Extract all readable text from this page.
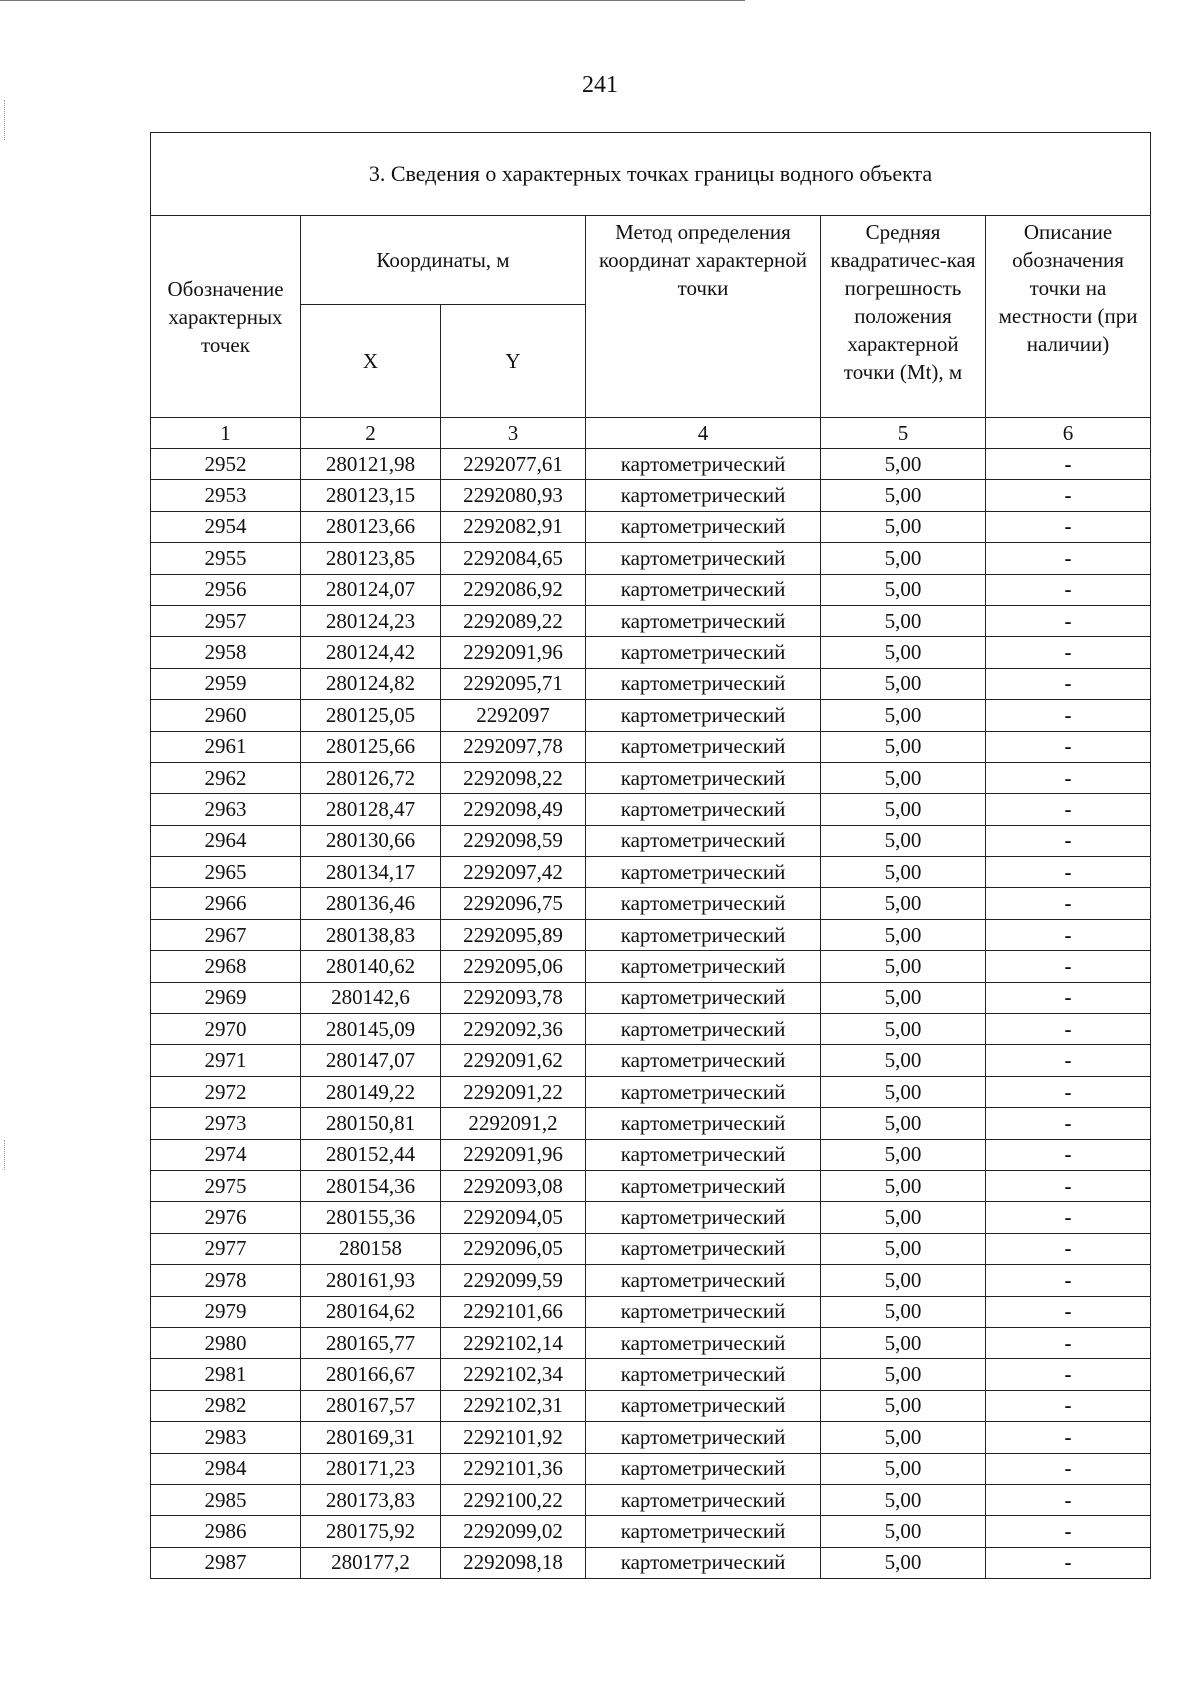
241
3. Сведения о характерных точках границы водного объекта					
Обозначение характерных точек	Координаты, м		Метод определения координат характерной точки	Средняя квадратичес-кая погрешность положения характерной точки (Mt), м	Описание обозначения точки на местности (при наличии)
	X	Y			
1	2	3	4	5	6
2952	280121,98	2292077,61	картометрический	5,00	-
2953	280123,15	2292080,93	картометрический	5,00	-
2954	280123,66	2292082,91	картометрический	5,00	-
2955	280123,85	2292084,65	картометрический	5,00	-
2956	280124,07	2292086,92	картометрический	5,00	-
2957	280124,23	2292089,22	картометрический	5,00	-
2958	280124,42	2292091,96	картометрический	5,00	-
2959	280124,82	2292095,71	картометрический	5,00	-
2960	280125,05	2292097	картометрический	5,00	-
2961	280125,66	2292097,78	картометрический	5,00	-
2962	280126,72	2292098,22	картометрический	5,00	-
2963	280128,47	2292098,49	картометрический	5,00	-
2964	280130,66	2292098,59	картометрический	5,00	-
2965	280134,17	2292097,42	картометрический	5,00	-
2966	280136,46	2292096,75	картометрический	5,00	-
2967	280138,83	2292095,89	картометрический	5,00	-
2968	280140,62	2292095,06	картометрический	5,00	-
2969	280142,6	2292093,78	картометрический	5,00	-
2970	280145,09	2292092,36	картометрический	5,00	-
2971	280147,07	2292091,62	картометрический	5,00	-
2972	280149,22	2292091,22	картометрический	5,00	-
2973	280150,81	2292091,2	картометрический	5,00	-
2974	280152,44	2292091,96	картометрический	5,00	-
2975	280154,36	2292093,08	картометрический	5,00	-
2976	280155,36	2292094,05	картометрический	5,00	-
2977	280158	2292096,05	картометрический	5,00	-
2978	280161,93	2292099,59	картометрический	5,00	-
2979	280164,62	2292101,66	картометрический	5,00	-
2980	280165,77	2292102,14	картометрический	5,00	-
2981	280166,67	2292102,34	картометрический	5,00	-
2982	280167,57	2292102,31	картометрический	5,00	-
2983	280169,31	2292101,92	картометрический	5,00	-
2984	280171,23	2292101,36	картометрический	5,00	-
2985	280173,83	2292100,22	картометрический	5,00	-
2986	280175,92	2292099,02	картометрический	5,00	-
2987	280177,2	2292098,18	картометрический	5,00	-
